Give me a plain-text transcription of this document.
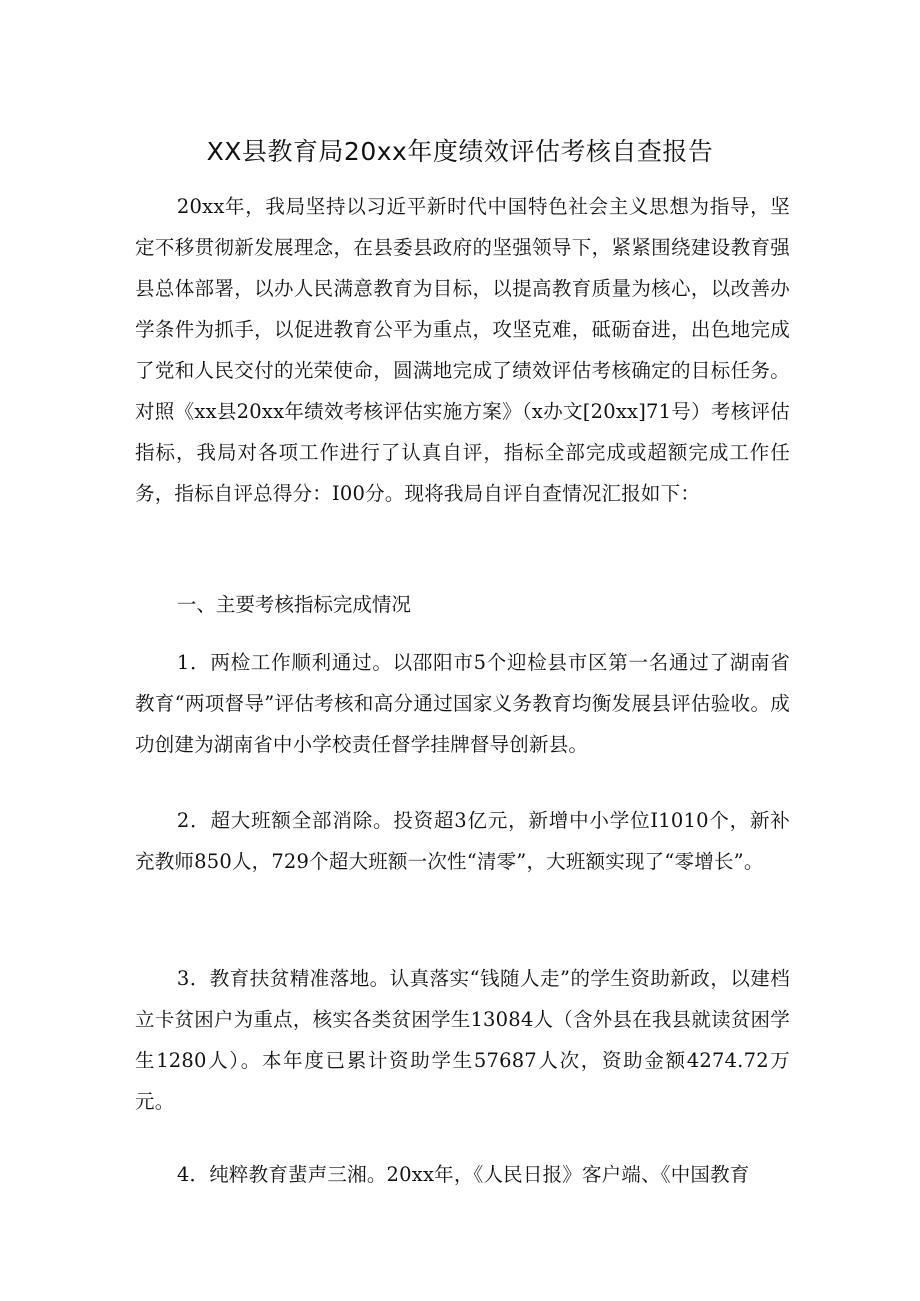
XX县教育局20xx年度绩效评估考核自查报告

20xx年，我局坚持以习近平新时代中国特色社会主义思想为指导，坚定不移贯彻新发展理念，在县委县政府的坚强领导下，紧紧围绕建设教育强县总体部署，以办人民满意教育为目标，以提高教育质量为核心，以改善办学条件为抓手，以促进教育公平为重点，攻坚克难，砥砺奋进，出色地完成了党和人民交付的光荣使命，圆满地完成了绩效评估考核确定的目标任务。对照《xx县20xx年绩效考核评估实施方案》（x办文[20xx]71号）考核评估指标，我局对各项工作进行了认真自评，指标全部完成或超额完成工作任务，指标自评总得分：I00分。现将我局自评自查情况汇报如下：

一、主要考核指标完成情况

1．两检工作顺利通过。以邵阳市5个迎检县市区第一名通过了湖南省教育“两项督导”评估考核和高分通过国家义务教育均衡发展县评估验收。成功创建为湖南省中小学校责任督学挂牌督导创新县。

2．超大班额全部消除。投资超3亿元，新增中小学位I1010个，新补充教师850人，729个超大班额一次性“清零”，大班额实现了“零增长”。

3．教育扶贫精准落地。认真落实“钱随人走”的学生资助新政，以建档立卡贫困户为重点，核实各类贫困学生13084人（含外县在我县就读贫困学生1280人）。本年度已累计资助学生57687人次，资助金额4274.72万元。

4．纯粹教育蜚声三湘。20xx年，《人民日报》客户端、《中国教育
